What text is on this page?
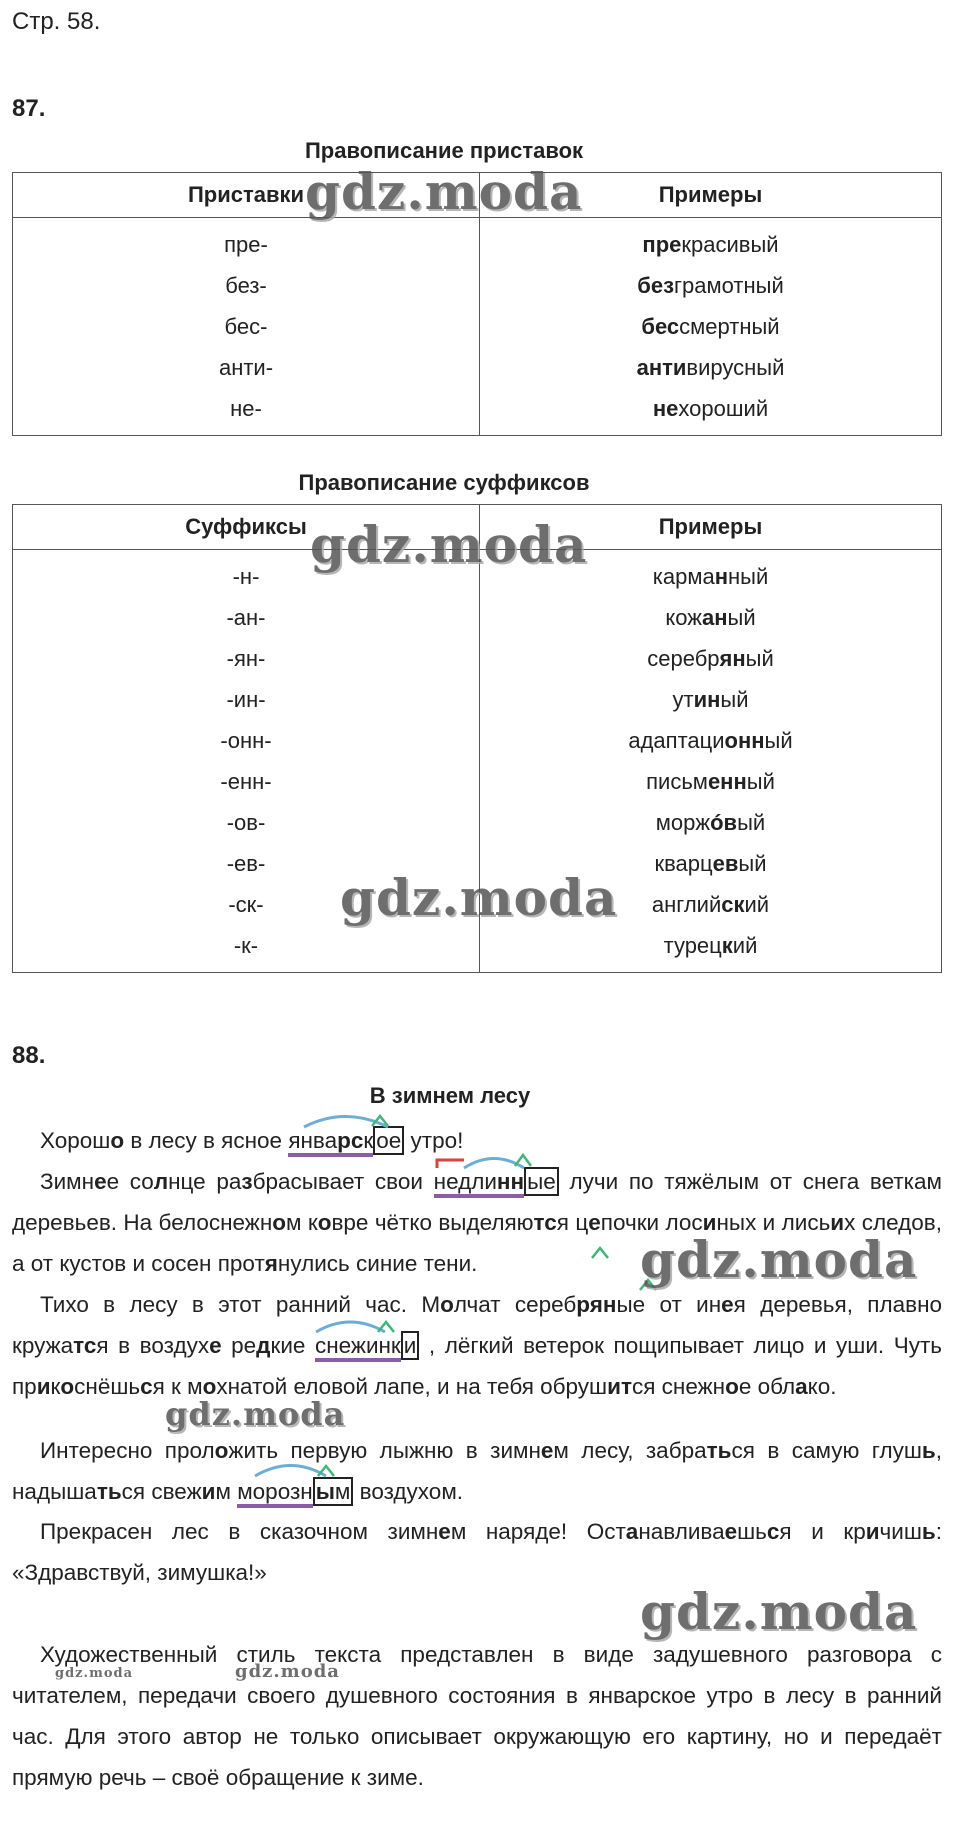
Стр. 58.
87.
Правописание приставок
Приставки	Примеры
пре-	прекрасивый
без-	безграмотный
бес-	бессмертный
анти-	антивирусный
не-	нехороший
Правописание суффиксов
Суффиксы	Примеры
-н-	карманный
-ан-	кожаный
-ян-	серебряный
-ин-	утиный
-онн-	адаптационный
-енн-	письменный
-ов-	моржóвый
-ев-	кварцевый
-ск-	английский
-к-	турецкий
88.
В зимнем лесу
Хорошо в лесу в ясное январск ое утро!
Зимнее солнце разбрасывает свои недлинн ые лучи по тяжёлым от снега веткам деревьев. На белоснежном ковре чётко выделяются цепочки лосиных и лисьих следов, а от кустов и сосен протянулись синие тени.
Тихо в лесу в этот ранний час. Молчат серебряные от инея деревья, плавно кружатся в воздухе редкие снежинк и , лёгкий ветерок пощипывает лицо и уши. Чуть прикоснёшься к мохнатой еловой лапе, и на тебя обрушится снежное облако.
Интересно проложить первую лыжню в зимнем лесу, забраться в самую глушь, надышаться свежим морозн ым воздухом.
Прекрасен лес в сказочном зимнем наряде! Останавливаешься и кричишь: «Здравствуй, зимушка!»
Художественный стиль текста представлен в виде задушевного разговора с читателем, передачи своего душевного состояния в январское утро в лесу в ранний час. Для этого автор не только описывает окружающую его картину, но и передаёт прямую речь – своё обращение к зиме.
gdz.moda
gdz.moda
gdz.moda
gdz.moda
gdz.moda
gdz.moda
gdz.moda	gdz.moda
